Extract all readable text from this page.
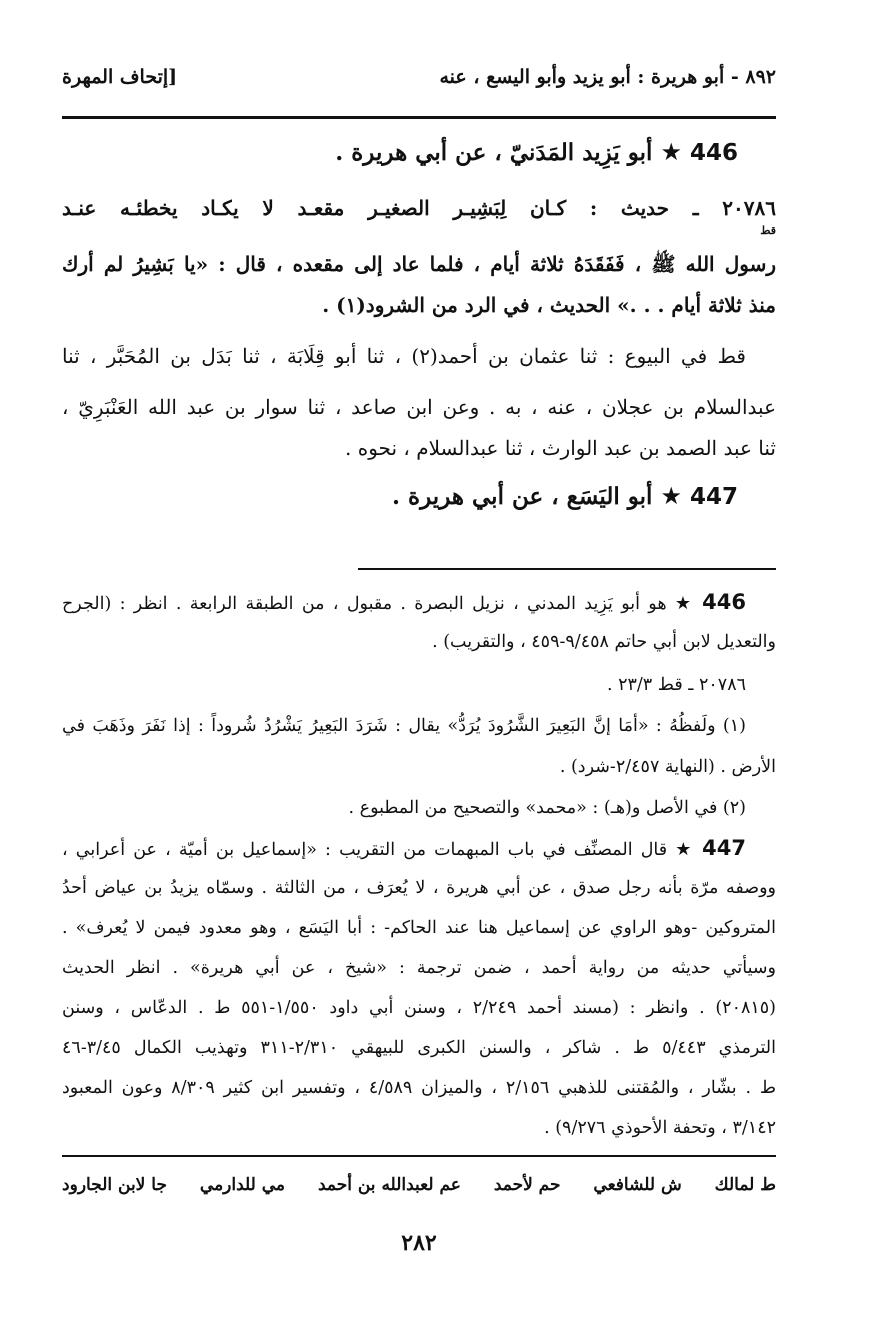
٨٩٢ - أبو هريرة : أبو يزيد وأبو اليسع ، عنه
[إتحاف المهرة
446 ★ أبو يَزِيد المَدَنيّ ، عن أبي هريرة .
٢٠٧٨٦ ـ حديث : كـان لِبَشِيـر الصغيـر مقعـد لا يكـاد يخطئـه عنـد
قط
رسول الله ﷺ ، فَفَقَدَهُ ثلاثة أيام ، فلما عاد إلى مقعده ، قال : «يا بَشِيرُ لم أرك
منذ ثلاثة أيام . . .» الحديث ، في الرد من الشرود(١) .
قط في البيوع : ثنا عثمان بن أحمد(٢) ، ثنا أبو قِلَابَة ، ثنا بَدَل بن المُحَبَّر ، ثنا
عبدالسلام بن عجلان ، عنه ، به . وعن ابن صاعد ، ثنا سوار بن عبد الله العَنْبَرِيّ ،
ثنا عبد الصمد بن عبد الوارث ، ثنا عبدالسلام ، نحوه .
447 ★ أبو اليَسَع ، عن أبي هريرة .
446 ★ هو أبو يَزِيد المدني ، نزيل البصرة . مقبول ، من الطبقة الرابعة . انظر : (الجرح
والتعديل لابن أبي حاتم ٩/٤٥٨-٤٥٩ ، والتقريب) .
٢٠٧٨٦ ـ قط ٢٣/٣ .
(١) ولَفظُهُ : «أمَا إنَّ البَعِيرَ الشَّرُودَ يُرَدُّ» يقال : شَرَدَ البَعِيرُ يَشْرُدُ شُروداً : إذا نَفَرَ وذَهَبَ في
الأرض . (النهاية ٢/٤٥٧-شرد) .
(٢) في الأصل و(هـ) : «محمد» والتصحيح من المطبوع .
447 ★ قال المصنِّف في باب المبهمات من التقريب : «إسماعيل بن أميّة ، عن أعرابي ،
ووصفه مرّة بأنه رجل صدق ، عن أبي هريرة ، لا يُعرَف ، من الثالثة . وسمّاه يزيدُ بن عياض أحدُ
المتروكين -وهو الراوي عن إسماعيل هنا عند الحاكم- : أبا اليَسَع ، وهو معدود فيمن لا يُعرف» .
وسيأتي حديثه من رواية أحمد ، ضمن ترجمة : «شيخ ، عن أبي هريرة» . انظر الحديث
(٢٠٨١٥) . وانظر : (مسند أحمد ٢/٢٤٩ ، وسنن أبي داود ١/٥٥٠-٥٥١ ط . الدعّاس ، وسنن
الترمذي ٥/٤٤٣ ط . شاكر ، والسنن الكبرى للبيهقي ٢/٣١٠-٣١١ وتهذيب الكمال ٣/٤٥-٤٦
ط . بشّار ، والمُقتنى للذهبي ٢/١٥٦ ، والميزان ٤/٥٨٩ ، وتفسير ابن كثير ٨/٣٠٩ وعون المعبود
٣/١٤٢ ، وتحفة الأحوذي ٩/٢٧٦) .
ط لمالك
ش للشافعي
حم لأحمد
عم لعبدالله بن أحمد
مي للدارمي
جا لابن الجارود
٢٨٢
